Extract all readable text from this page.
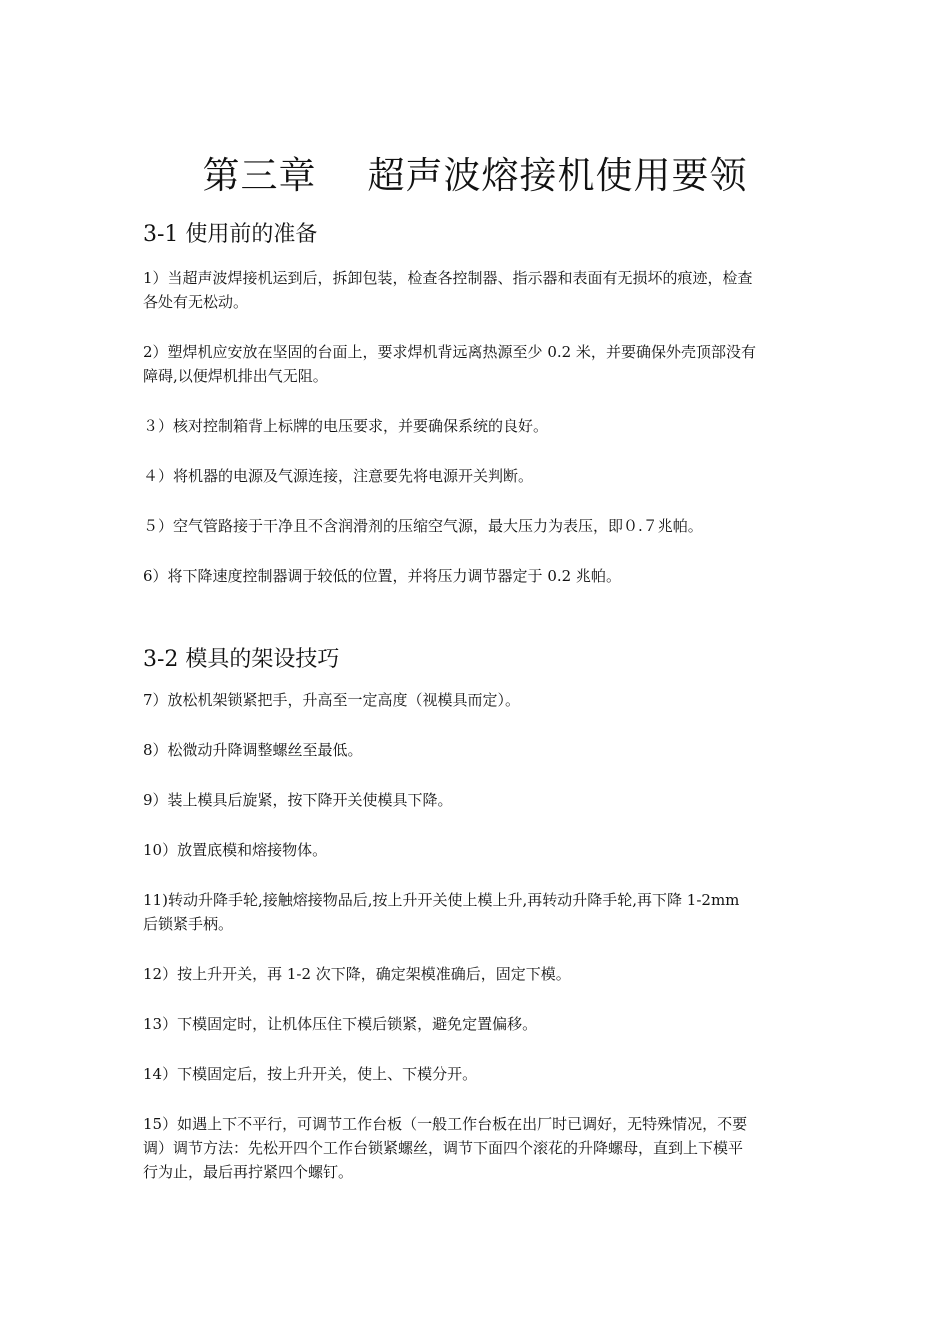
第三章    超声波熔接机使用要领
3-1 使用前的准备
1）当超声波焊接机运到后，拆卸包装，检查各控制器、指示器和表面有无损坏的痕迹，检查
各处有无松动。
2）塑焊机应安放在坚固的台面上，要求焊机背远离热源至少 0.2 米，并要确保外壳顶部没有
障碍,以便焊机排出气无阻。
３）核对控制箱背上标牌的电压要求，并要确保系统的良好。
４）将机器的电源及气源连接，注意要先将电源开关判断。
５）空气管路接于干净且不含润滑剂的压缩空气源，最大压力为表压，即０.７兆帕。
6）将下降速度控制器调于较低的位置，并将压力调节器定于 0.2 兆帕。
3-2 模具的架设技巧
7）放松机架锁紧把手，升高至一定高度（视模具而定）。
8）松微动升降调整螺丝至最低。
9）装上模具后旋紧，按下降开关使模具下降。
10）放置底模和熔接物体。
11)转动升降手轮,接触熔接物品后,按上升开关使上模上升,再转动升降手轮,再下降 1-2mm
后锁紧手柄。
12）按上升开关，再 1-2 次下降，确定架模准确后，固定下模。
13）下模固定时，让机体压住下模后锁紧，避免定置偏移。
14）下模固定后，按上升开关，使上、下模分开。
15）如遇上下不平行，可调节工作台板（一般工作台板在出厂时已调好，无特殊情况，不要
调）调节方法：先松开四个工作台锁紧螺丝，调节下面四个滚花的升降螺母，直到上下模平
行为止，最后再拧紧四个螺钉。
